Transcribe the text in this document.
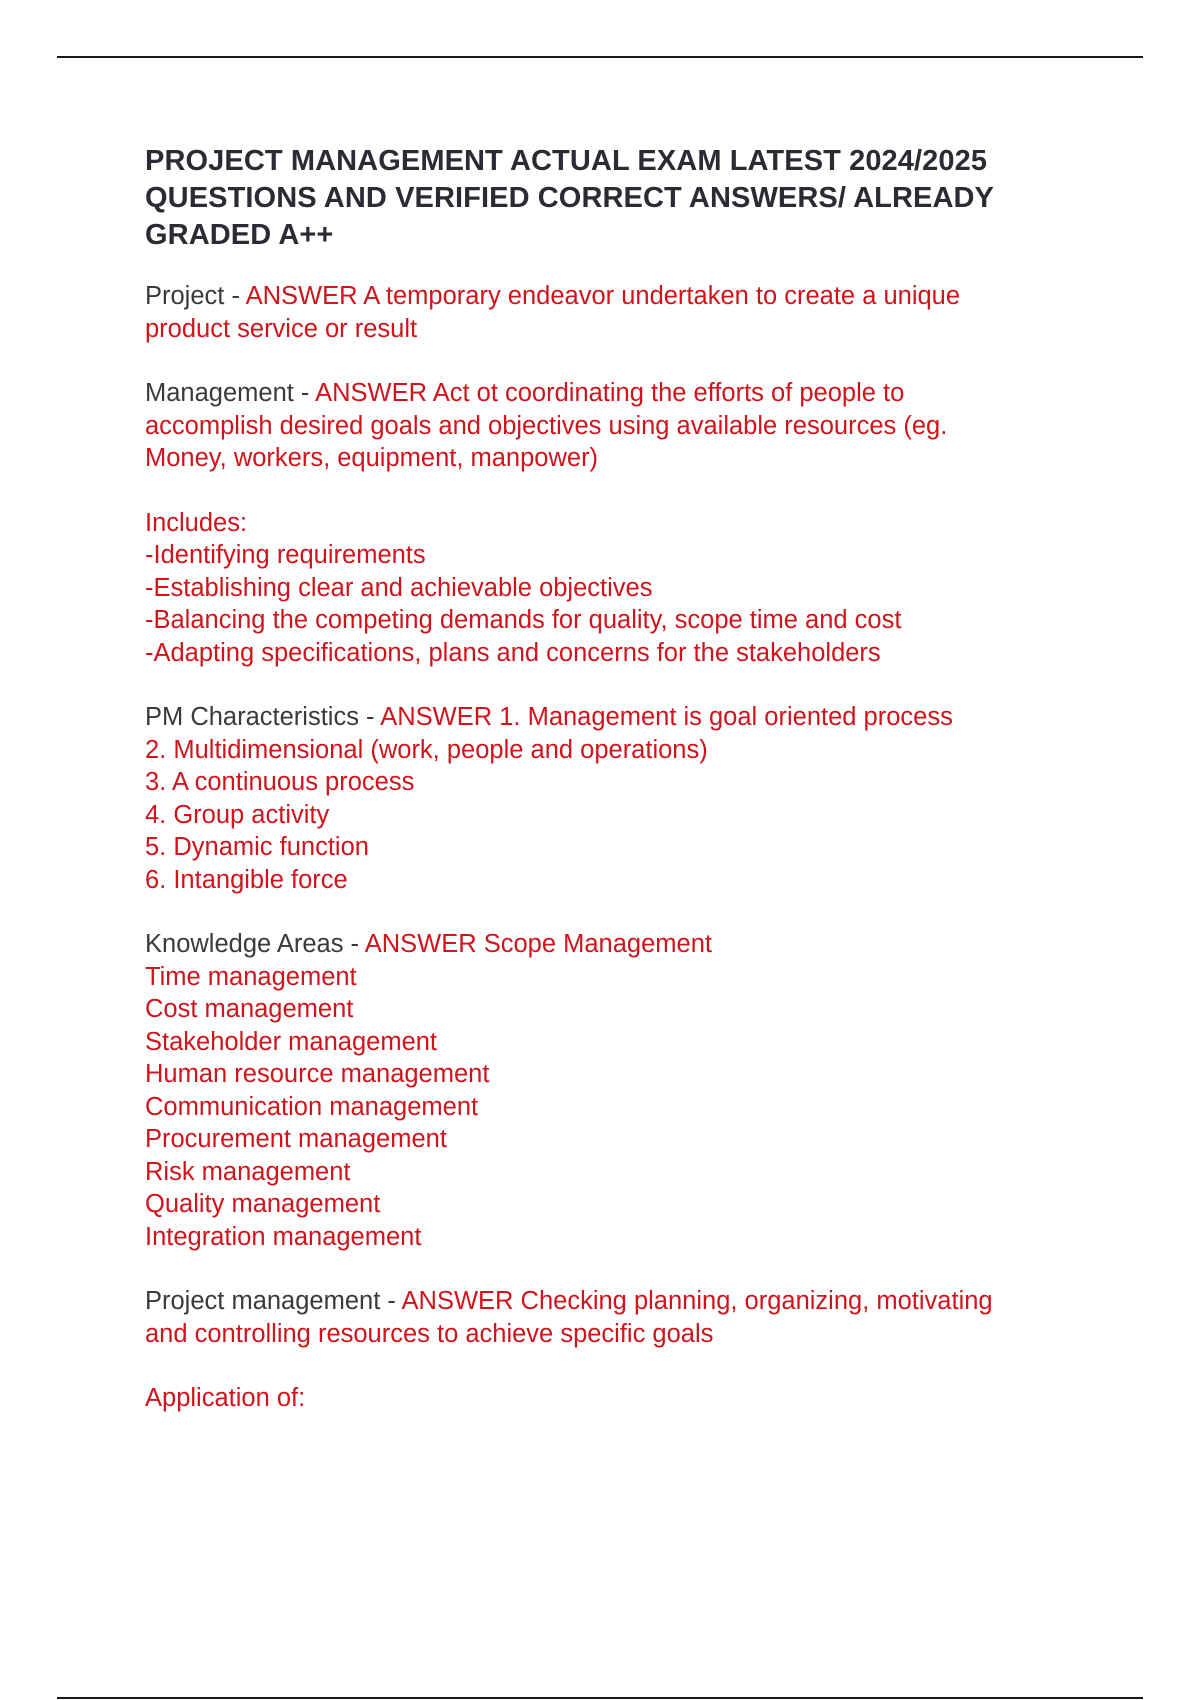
PROJECT MANAGEMENT ACTUAL EXAM LATEST 2024/2025 QUESTIONS AND VERIFIED CORRECT ANSWERS/ ALREADY GRADED A++

Project - ANSWER A temporary endeavor undertaken to create a unique
product service or result

Management - ANSWER Act ot coordinating the efforts of people to
accomplish desired goals and objectives using available resources (eg.
Money, workers, equipment, manpower)

Includes:
-Identifying requirements
-Establishing clear and achievable objectives
-Balancing the competing demands for quality, scope time and cost
-Adapting specifications, plans and concerns for the stakeholders

PM Characteristics - ANSWER 1. Management is goal oriented process
2. Multidimensional (work, people and operations)
3. A continuous process
4. Group activity
5. Dynamic function
6. Intangible force

Knowledge Areas - ANSWER Scope Management
Time management
Cost management
Stakeholder management
Human resource management
Communication management
Procurement management
Risk management
Quality management
Integration management

Project management - ANSWER Checking planning, organizing, motivating
and controlling resources to achieve specific goals

Application of:
